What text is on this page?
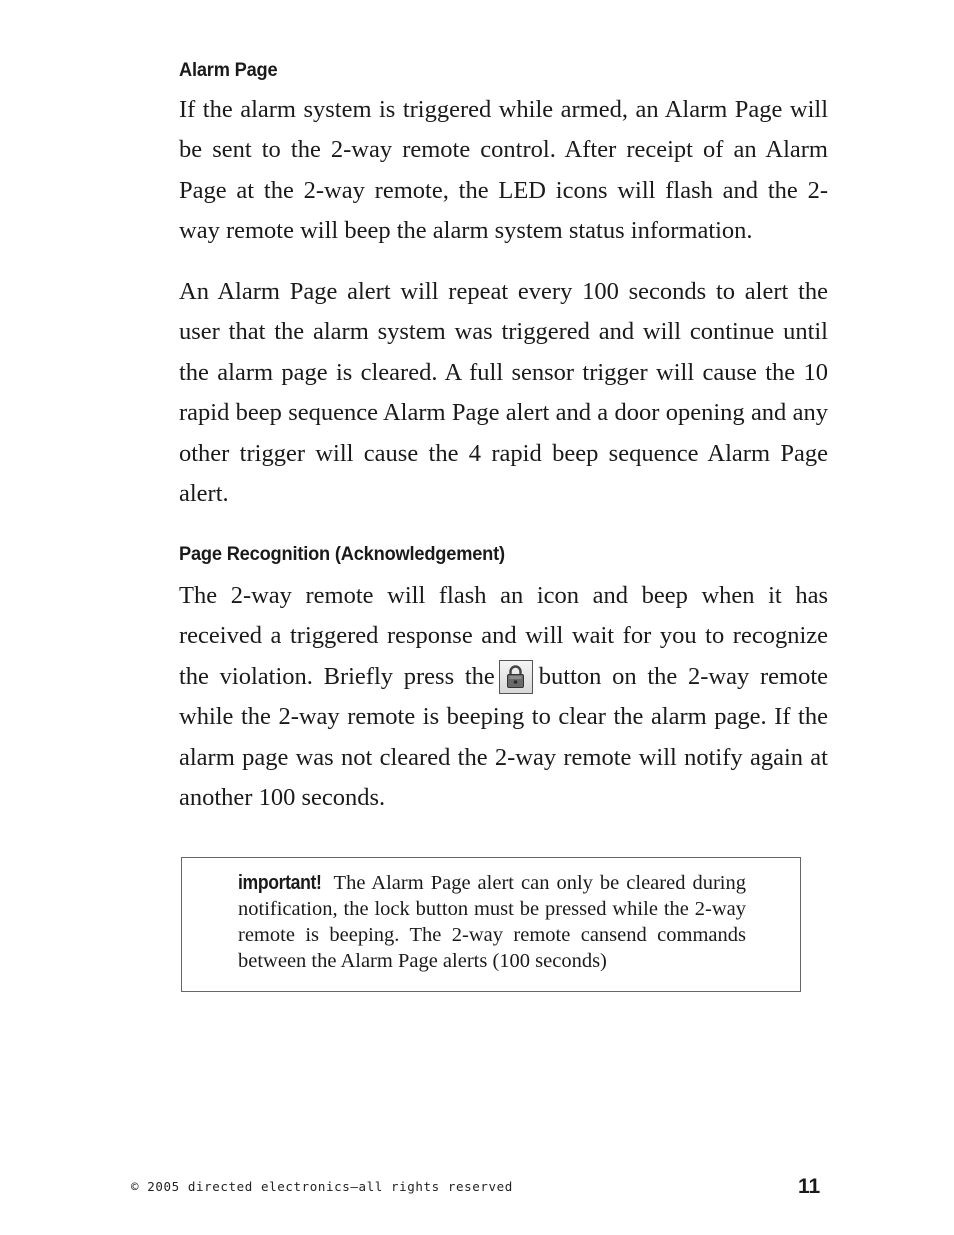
Alarm Page

If the alarm system is triggered while armed, an Alarm Page will be sent to the 2-way remote control. After receipt of an Alarm Page at the 2-way remote, the LED icons will flash and the 2- way remote will beep the alarm system status information.

An Alarm Page alert will repeat every 100 seconds to alert the user that the alarm system was triggered and will continue until the alarm page is cleared. A full sensor trigger will cause the 10 rapid beep sequence Alarm Page alert and a door opening and any other trigger will cause the 4 rapid beep sequence Alarm Page alert.

Page Recognition (Acknowledgement)

The 2-way remote will flash an icon and beep when it has received a triggered response and will wait for you to recognize the violation. Briefly press the button on the 2-way remote while the 2-way remote is beeping to clear the alarm page. If the alarm page was not cleared the 2-way remote will notify again at another 100 seconds.

important! The Alarm Page alert can only be cleared during notification, the lock button must be pressed while the 2-way remote is beeping. The 2-way remote cansend commands between the Alarm Page alerts (100 seconds)

© 2005 directed electronics—all rights reserved	11
